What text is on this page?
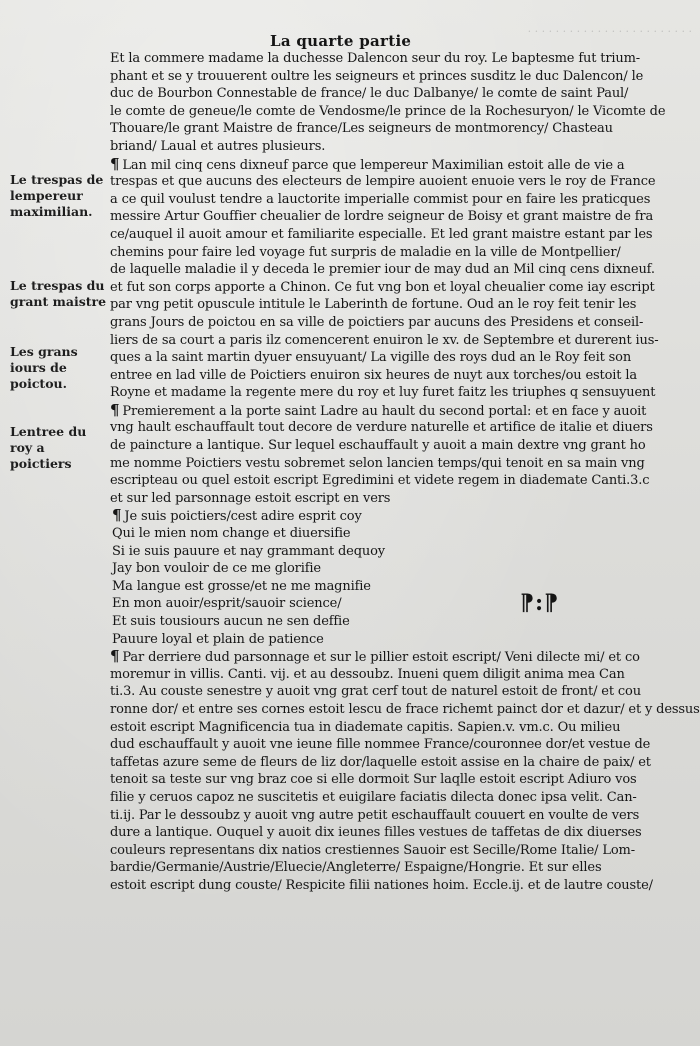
· · · · · · · · · · · · · · · · · · · · · · · ·
La quarte partie
Le trespas de lempereur maximilian.
Le trespas du grant maistre
Les grans iours de poictou.
Lentree du roy a poictiers
⁋:⁋
Et la commere madame la duchesse Dalencon seur du roy. Le baptesme fut trium-
phant et se y trouuerent oultre les seigneurs et princes susditz le duc Dalencon/ le
duc de Bourbon Connestable de france/ le duc Dalbanye/ le comte de saint Paul/
le comte de geneue/le comte de Vendosme/le prince de la Rochesuryon/ le Vicomte de
Thouare/le grant Maistre de france/Les seigneurs de montmorency/ Chasteau
briand/ Laual et autres plusieurs.
¶ Lan mil cinq cens dixneuf parce que lempereur Maximilian estoit alle de vie a
trespas et que aucuns des electeurs de lempire auoient enuoie vers le roy de France
a ce quil voulust tendre a lauctorite imperialle commist pour en faire les praticques
messire Artur Gouffier cheualier de lordre seigneur de Boisy et grant maistre de fra
ce/auquel il auoit amour et familiarite especialle. Et led grant maistre estant par les
chemins pour faire led voyage fut surpris de maladie en la ville de Montpellier/
de laquelle maladie il y deceda le premier iour de may dud an Mil cinq cens dixneuf.
et fut son corps apporte a Chinon. Ce fut vng bon et loyal cheualier come iay escript
par vng petit opuscule intitule le Laberinth de fortune. Oud an le roy feit tenir les
grans Jours de poictou en sa ville de poictiers par aucuns des Presidens et conseil-
liers de sa court a paris ilz comencerent enuiron le xv. de Septembre et durerent ius-
ques a la saint martin dyuer ensuyuant/ La vigille des roys dud an le Roy feit son
entree en lad ville de Poictiers enuiron six heures de nuyt aux torches/ou estoit la
Royne et madame la regente mere du roy et luy furet faitz les triuphes q sensuyuent
¶ Premierement a la porte saint Ladre au hault du second portal: et en face y auoit
vng hault eschauffault tout decore de verdure naturelle et artifice de italie et diuers
de paincture a lantique. Sur lequel eschauffault y auoit a main dextre vng grant ho
me nomme Poictiers vestu sobremet selon lancien temps/qui tenoit en sa main vng
escripteau ou quel estoit escript Egredimini et videte regem in diademate Canti.3.c
et sur led parsonnage estoit escript en vers
¶ Je suis poictiers/cest adire esprit coy
Qui le mien nom change et diuersifie
Si ie suis pauure et nay grammant dequoy
Jay bon vouloir de ce me glorifie
Ma langue est grosse/et ne me magnifie
En mon auoir/esprit/sauoir science/
Et suis tousiours aucun ne sen deffie
Pauure loyal et plain de patience
¶ Par derriere dud parsonnage et sur le pillier estoit escript/ Veni dilecte mi/ et co
moremur in villis. Canti. vij. et au dessoubz. Inueni quem diligit anima mea Can
ti.3. Au couste senestre y auoit vng grat cerf tout de naturel estoit de front/ et cou
ronne dor/ et entre ses cornes estoit lescu de frace richemt painct dor et dazur/ et y dessus
estoit escript Magnificencia tua in diademate capitis. Sapien.v. vm.c. Ou milieu
dud eschauffault y auoit vne ieune fille nommee France/couronnee dor/et vestue de
taffetas azure seme de fleurs de liz dor/laquelle estoit assise en la chaire de paix/ et
tenoit sa teste sur vng braz coe si elle dormoit Sur laqlle estoit escript Adiuro vos
filie y ceruos capoz ne suscitetis et euigilare faciatis dilecta donec ipsa velit. Can-
ti.ij. Par le dessoubz y auoit vng autre petit eschauffault couuert en voulte de vers
dure a lantique. Ouquel y auoit dix ieunes filles vestues de taffetas de dix diuerses
couleurs representans dix natios crestiennes Sauoir est Secille/Rome Italie/ Lom-
bardie/Germanie/Austrie/Eluecie/Angleterre/ Espaigne/Hongrie. Et sur elles
estoit escript dung couste/ Respicite filii nationes hoim. Eccle.ij. et de lautre couste/
